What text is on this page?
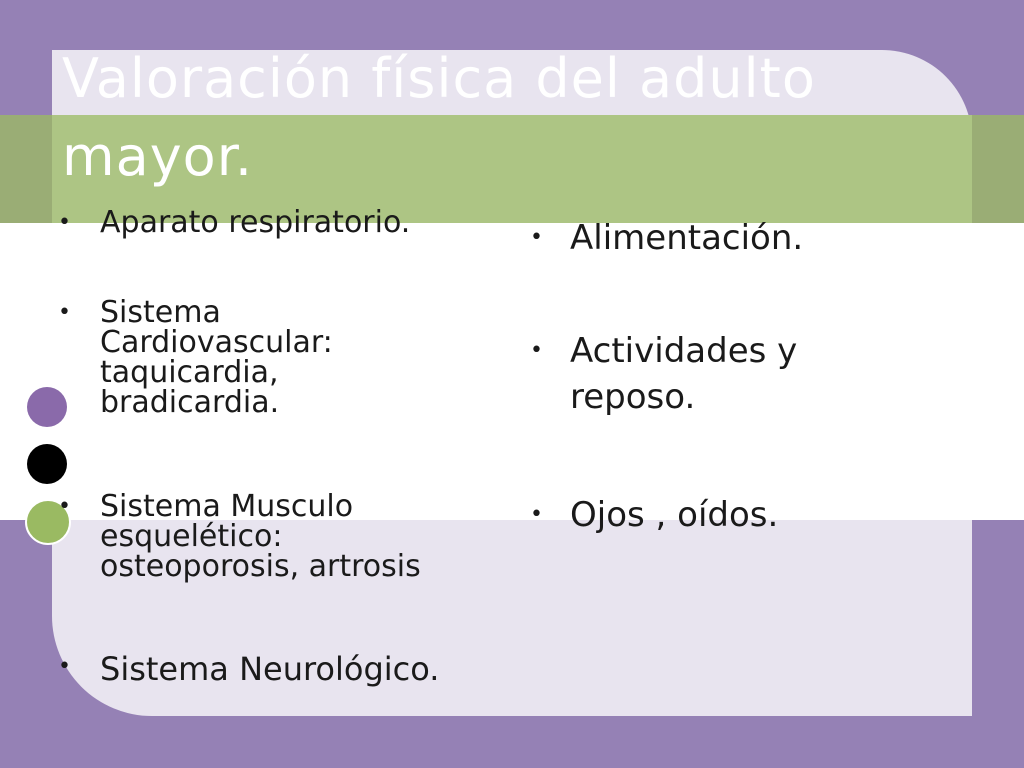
Valoración física del adulto mayor.
• Aparato respiratorio.
• Sistema Cardiovascular: taquicardia, bradicardia.
• Sistema Musculo esquelético: osteoporosis, artrosis
• Sistema Neurológico.
• Alimentación.
• Actividades y reposo.
• Ojos , oídos.
